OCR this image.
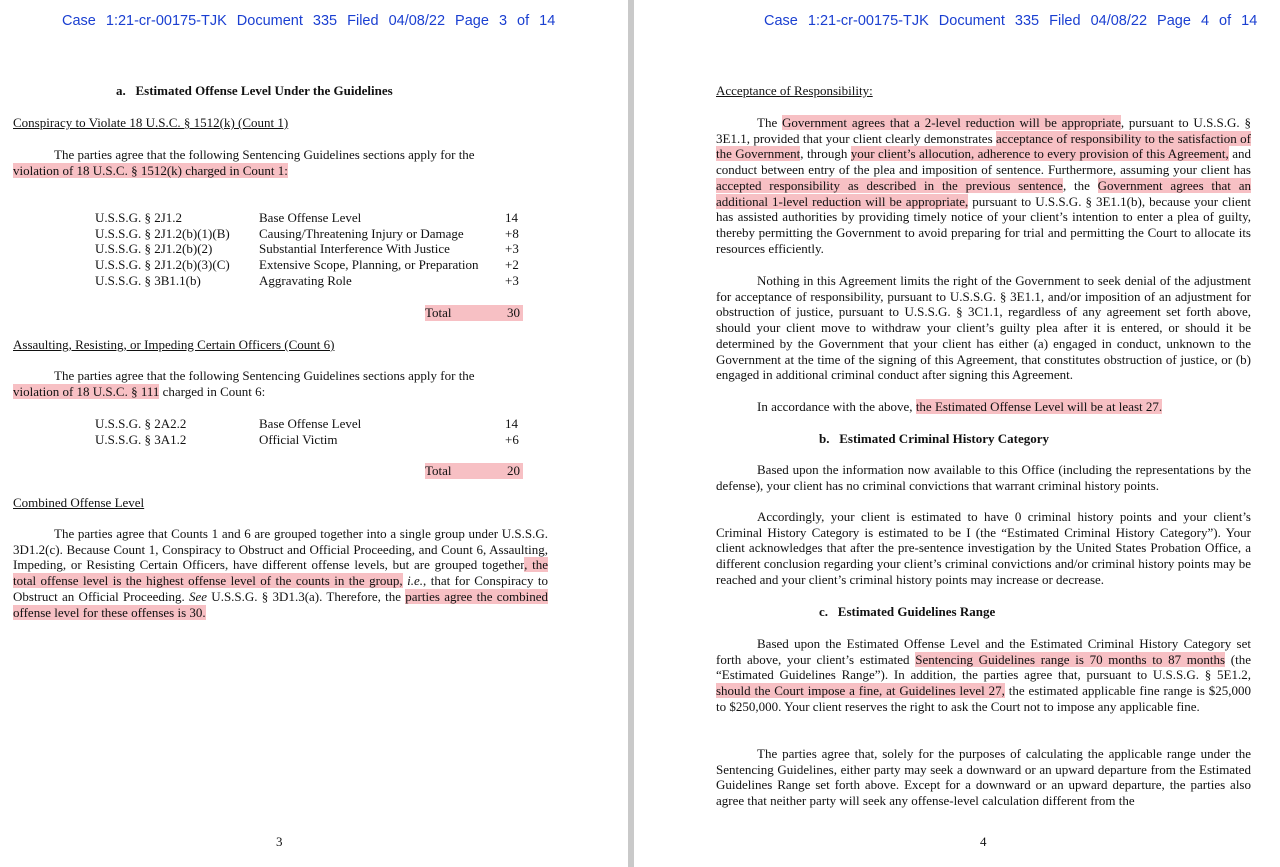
Case 1:21-cr-00175-TJK Document 335 Filed 04/08/22 Page 3 of 14
a.   Estimated Offense Level Under the Guidelines
Conspiracy to Violate 18 U.S.C. § 1512(k) (Count 1)
The parties agree that the following Sentencing Guidelines sections apply for the violation of 18 U.S.C. § 1512(k) charged in Count 1:
U.S.S.G. § 2J1.2	Base Offense Level	14
U.S.S.G. § 2J1.2(b)(1)(B)	Causing/Threatening Injury or Damage	+8
U.S.S.G. § 2J1.2(b)(2)	Substantial Interference With Justice	+3
U.S.S.G. § 2J1.2(b)(3)(C)	Extensive Scope, Planning, or Preparation	+2
U.S.S.G. § 3B1.1(b)	Aggravating Role	+3
Total	30
Assaulting, Resisting, or Impeding Certain Officers (Count 6)
The parties agree that the following Sentencing Guidelines sections apply for the violation of 18 U.S.C. § 111 charged in Count 6:
U.S.S.G. § 2A2.2	Base Offense Level	14
U.S.S.G. § 3A1.2	Official Victim	+6
Total	20
Combined Offense Level
The parties agree that Counts 1 and 6 are grouped together into a single group under U.S.S.G. 3D1.2(c). Because Count 1, Conspiracy to Obstruct and Official Proceeding, and Count 6, Assaulting, Impeding, or Resisting Certain Officers, have different offense levels, but are grouped together, the total offense level is the highest offense level of the counts in the group, i.e., that for Conspiracy to Obstruct an Official Proceeding. See U.S.S.G. § 3D1.3(a). Therefore, the parties agree the combined offense level for these offenses is 30.
3
Case 1:21-cr-00175-TJK Document 335 Filed 04/08/22 Page 4 of 14
Acceptance of Responsibility:
The Government agrees that a 2-level reduction will be appropriate, pursuant to U.S.S.G. § 3E1.1, provided that your client clearly demonstrates acceptance of responsibility to the satisfaction of the Government, through your client’s allocution, adherence to every provision of this Agreement, and conduct between entry of the plea and imposition of sentence. Furthermore, assuming your client has accepted responsibility as described in the previous sentence, the Government agrees that an additional 1-level reduction will be appropriate, pursuant to U.S.S.G. § 3E1.1(b), because your client has assisted authorities by providing timely notice of your client’s intention to enter a plea of guilty, thereby permitting the Government to avoid preparing for trial and permitting the Court to allocate its resources efficiently.
Nothing in this Agreement limits the right of the Government to seek denial of the adjustment for acceptance of responsibility, pursuant to U.S.S.G. § 3E1.1, and/or imposition of an adjustment for obstruction of justice, pursuant to U.S.S.G. § 3C1.1, regardless of any agreement set forth above, should your client move to withdraw your client’s guilty plea after it is entered, or should it be determined by the Government that your client has either (a) engaged in conduct, unknown to the Government at the time of the signing of this Agreement, that constitutes obstruction of justice, or (b) engaged in additional criminal conduct after signing this Agreement.
In accordance with the above, the Estimated Offense Level will be at least 27.
b.   Estimated Criminal History Category
Based upon the information now available to this Office (including the representations by the defense), your client has no criminal convictions that warrant criminal history points.
Accordingly, your client is estimated to have 0 criminal history points and your client’s Criminal History Category is estimated to be I (the “Estimated Criminal History Category”). Your client acknowledges that after the pre-sentence investigation by the United States Probation Office, a different conclusion regarding your client’s criminal convictions and/or criminal history points may be reached and your client’s criminal history points may increase or decrease.
c.   Estimated Guidelines Range
Based upon the Estimated Offense Level and the Estimated Criminal History Category set forth above, your client’s estimated Sentencing Guidelines range is 70 months to 87 months (the “Estimated Guidelines Range”). In addition, the parties agree that, pursuant to U.S.S.G. § 5E1.2, should the Court impose a fine, at Guidelines level 27, the estimated applicable fine range is $25,000 to $250,000. Your client reserves the right to ask the Court not to impose any applicable fine.
The parties agree that, solely for the purposes of calculating the applicable range under the Sentencing Guidelines, either party may seek a downward or an upward departure from the Estimated Guidelines Range set forth above. Except for a downward or an upward departure, the parties also agree that neither party will seek any offense-level calculation different from the
4
